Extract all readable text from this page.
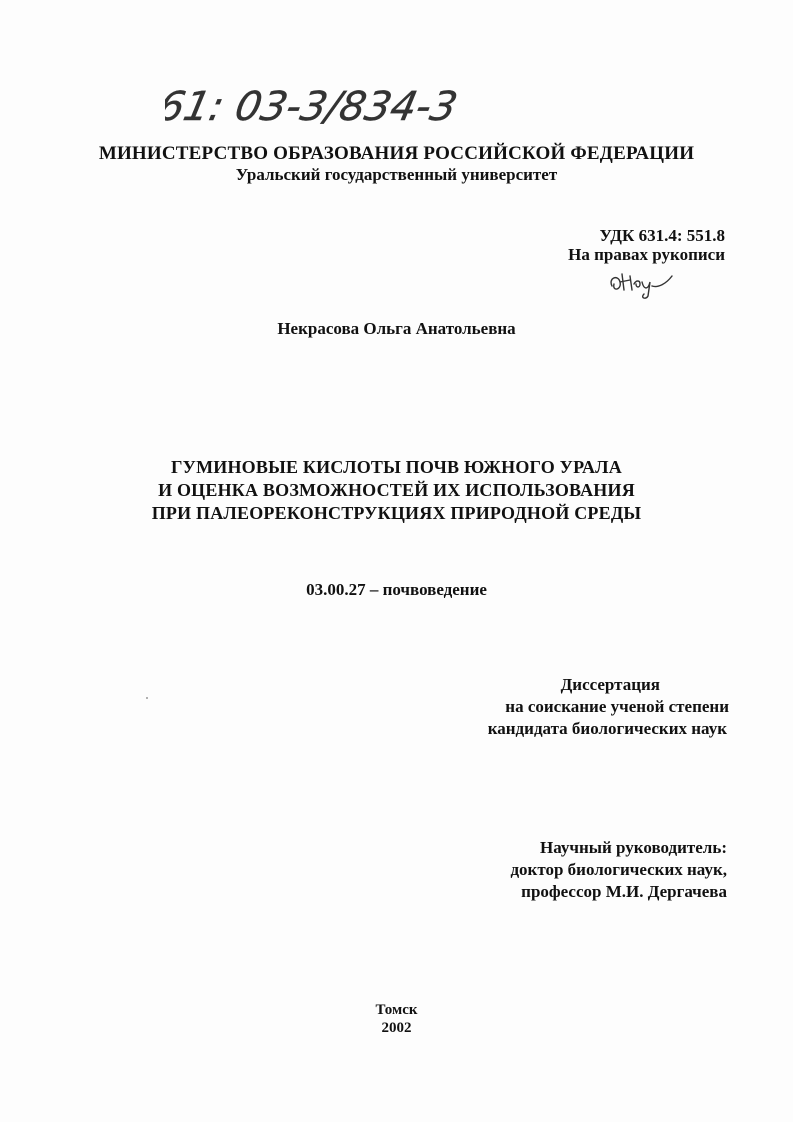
61: 03-3/834-3
МИНИСТЕРСТВО ОБРАЗОВАНИЯ РОССИЙСКОЙ ФЕДЕРАЦИИ
Уральский государственный университет
УДК 631.4: 551.8
На правах рукописи
Некрасова Ольга Анатольевна
ГУМИНОВЫЕ КИСЛОТЫ ПОЧВ ЮЖНОГО УРАЛА
И ОЦЕНКА ВОЗМОЖНОСТЕЙ ИХ ИСПОЛЬЗОВАНИЯ
ПРИ ПАЛЕОРЕКОНСТРУКЦИЯХ ПРИРОДНОЙ СРЕДЫ
03.00.27 – почвоведение
Диссертация
на соискание ученой степени
кандидата биологических наук
Научный руководитель:
доктор биологических наук,
профессор М.И. Дергачева
Томск
2002
